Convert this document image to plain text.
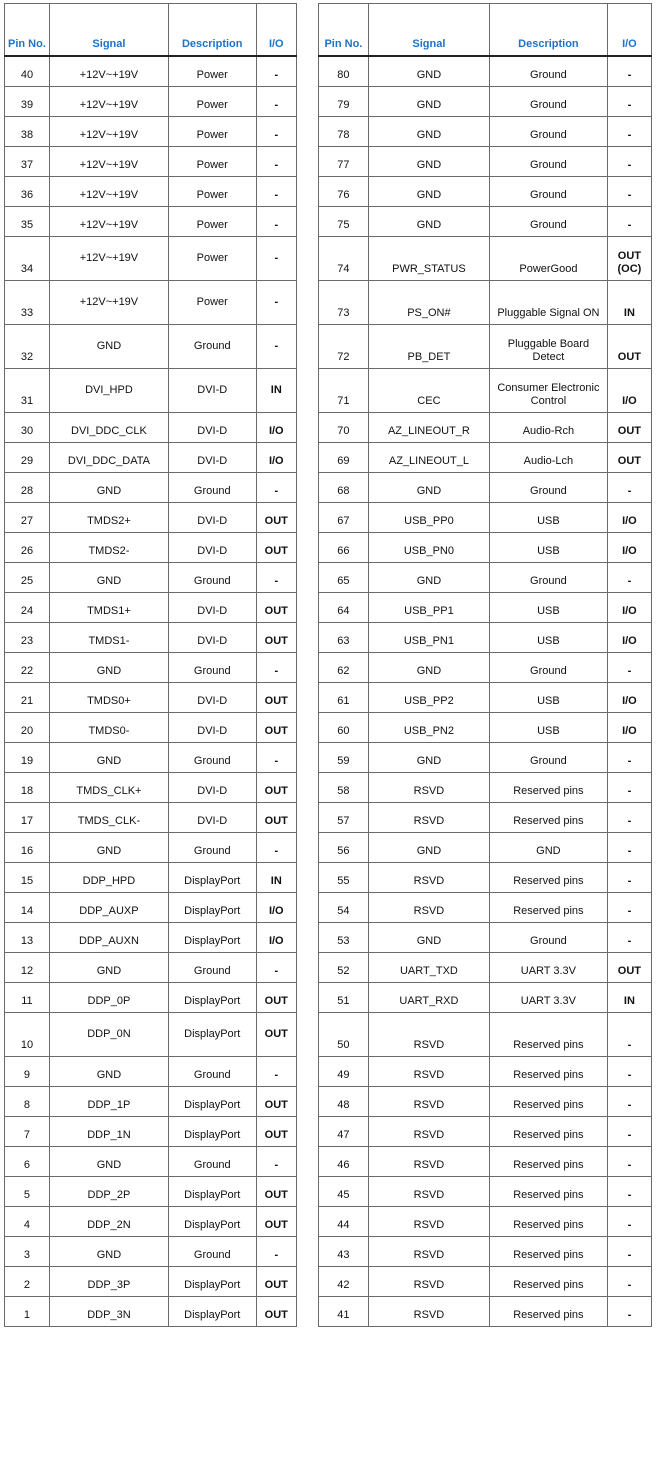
Pin No.	Signal	Description	I/O
40	+12V~+19V	Power	-
39	+12V~+19V	Power	-
38	+12V~+19V	Power	-
37	+12V~+19V	Power	-
36	+12V~+19V	Power	-
35	+12V~+19V	Power	-
34	+12V~+19V	Power	-
33	+12V~+19V	Power	-
32	GND	Ground	-
31	DVI_HPD	DVI-D	IN
30	DVI_DDC_CLK	DVI-D	I/O
29	DVI_DDC_DATA	DVI-D	I/O
28	GND	Ground	-
27	TMDS2+	DVI-D	OUT
26	TMDS2-	DVI-D	OUT
25	GND	Ground	-
24	TMDS1+	DVI-D	OUT
23	TMDS1-	DVI-D	OUT
22	GND	Ground	-
21	TMDS0+	DVI-D	OUT
20	TMDS0-	DVI-D	OUT
19	GND	Ground	-
18	TMDS_CLK+	DVI-D	OUT
17	TMDS_CLK-	DVI-D	OUT
16	GND	Ground	-
15	DDP_HPD	DisplayPort	IN
14	DDP_AUXP	DisplayPort	I/O
13	DDP_AUXN	DisplayPort	I/O
12	GND	Ground	-
11	DDP_0P	DisplayPort	OUT
10	DDP_0N	DisplayPort	OUT
9	GND	Ground	-
8	DDP_1P	DisplayPort	OUT
7	DDP_1N	DisplayPort	OUT
6	GND	Ground	-
5	DDP_2P	DisplayPort	OUT
4	DDP_2N	DisplayPort	OUT
3	GND	Ground	-
2	DDP_3P	DisplayPort	OUT
1	DDP_3N	DisplayPort	OUT
Pin No.	Signal	Description	I/O
80	GND	Ground	-
79	GND	Ground	-
78	GND	Ground	-
77	GND	Ground	-
76	GND	Ground	-
75	GND	Ground	-
74	PWR_STATUS	PowerGood	OUT (OC)
73	PS_ON#	Pluggable Signal ON	IN
72	PB_DET	Pluggable Board Detect	OUT
71	CEC	Consumer Electronic Control	I/O
70	AZ_LINEOUT_R	Audio-Rch	OUT
69	AZ_LINEOUT_L	Audio-Lch	OUT
68	GND	Ground	-
67	USB_PP0	USB	I/O
66	USB_PN0	USB	I/O
65	GND	Ground	-
64	USB_PP1	USB	I/O
63	USB_PN1	USB	I/O
62	GND	Ground	-
61	USB_PP2	USB	I/O
60	USB_PN2	USB	I/O
59	GND	Ground	-
58	RSVD	Reserved pins	-
57	RSVD	Reserved pins	-
56	GND	GND	-
55	RSVD	Reserved pins	-
54	RSVD	Reserved pins	-
53	GND	Ground	-
52	UART_TXD	UART 3.3V	OUT
51	UART_RXD	UART 3.3V	IN
50	RSVD	Reserved pins	-
49	RSVD	Reserved pins	-
48	RSVD	Reserved pins	-
47	RSVD	Reserved pins	-
46	RSVD	Reserved pins	-
45	RSVD	Reserved pins	-
44	RSVD	Reserved pins	-
43	RSVD	Reserved pins	-
42	RSVD	Reserved pins	-
41	RSVD	Reserved pins	-
